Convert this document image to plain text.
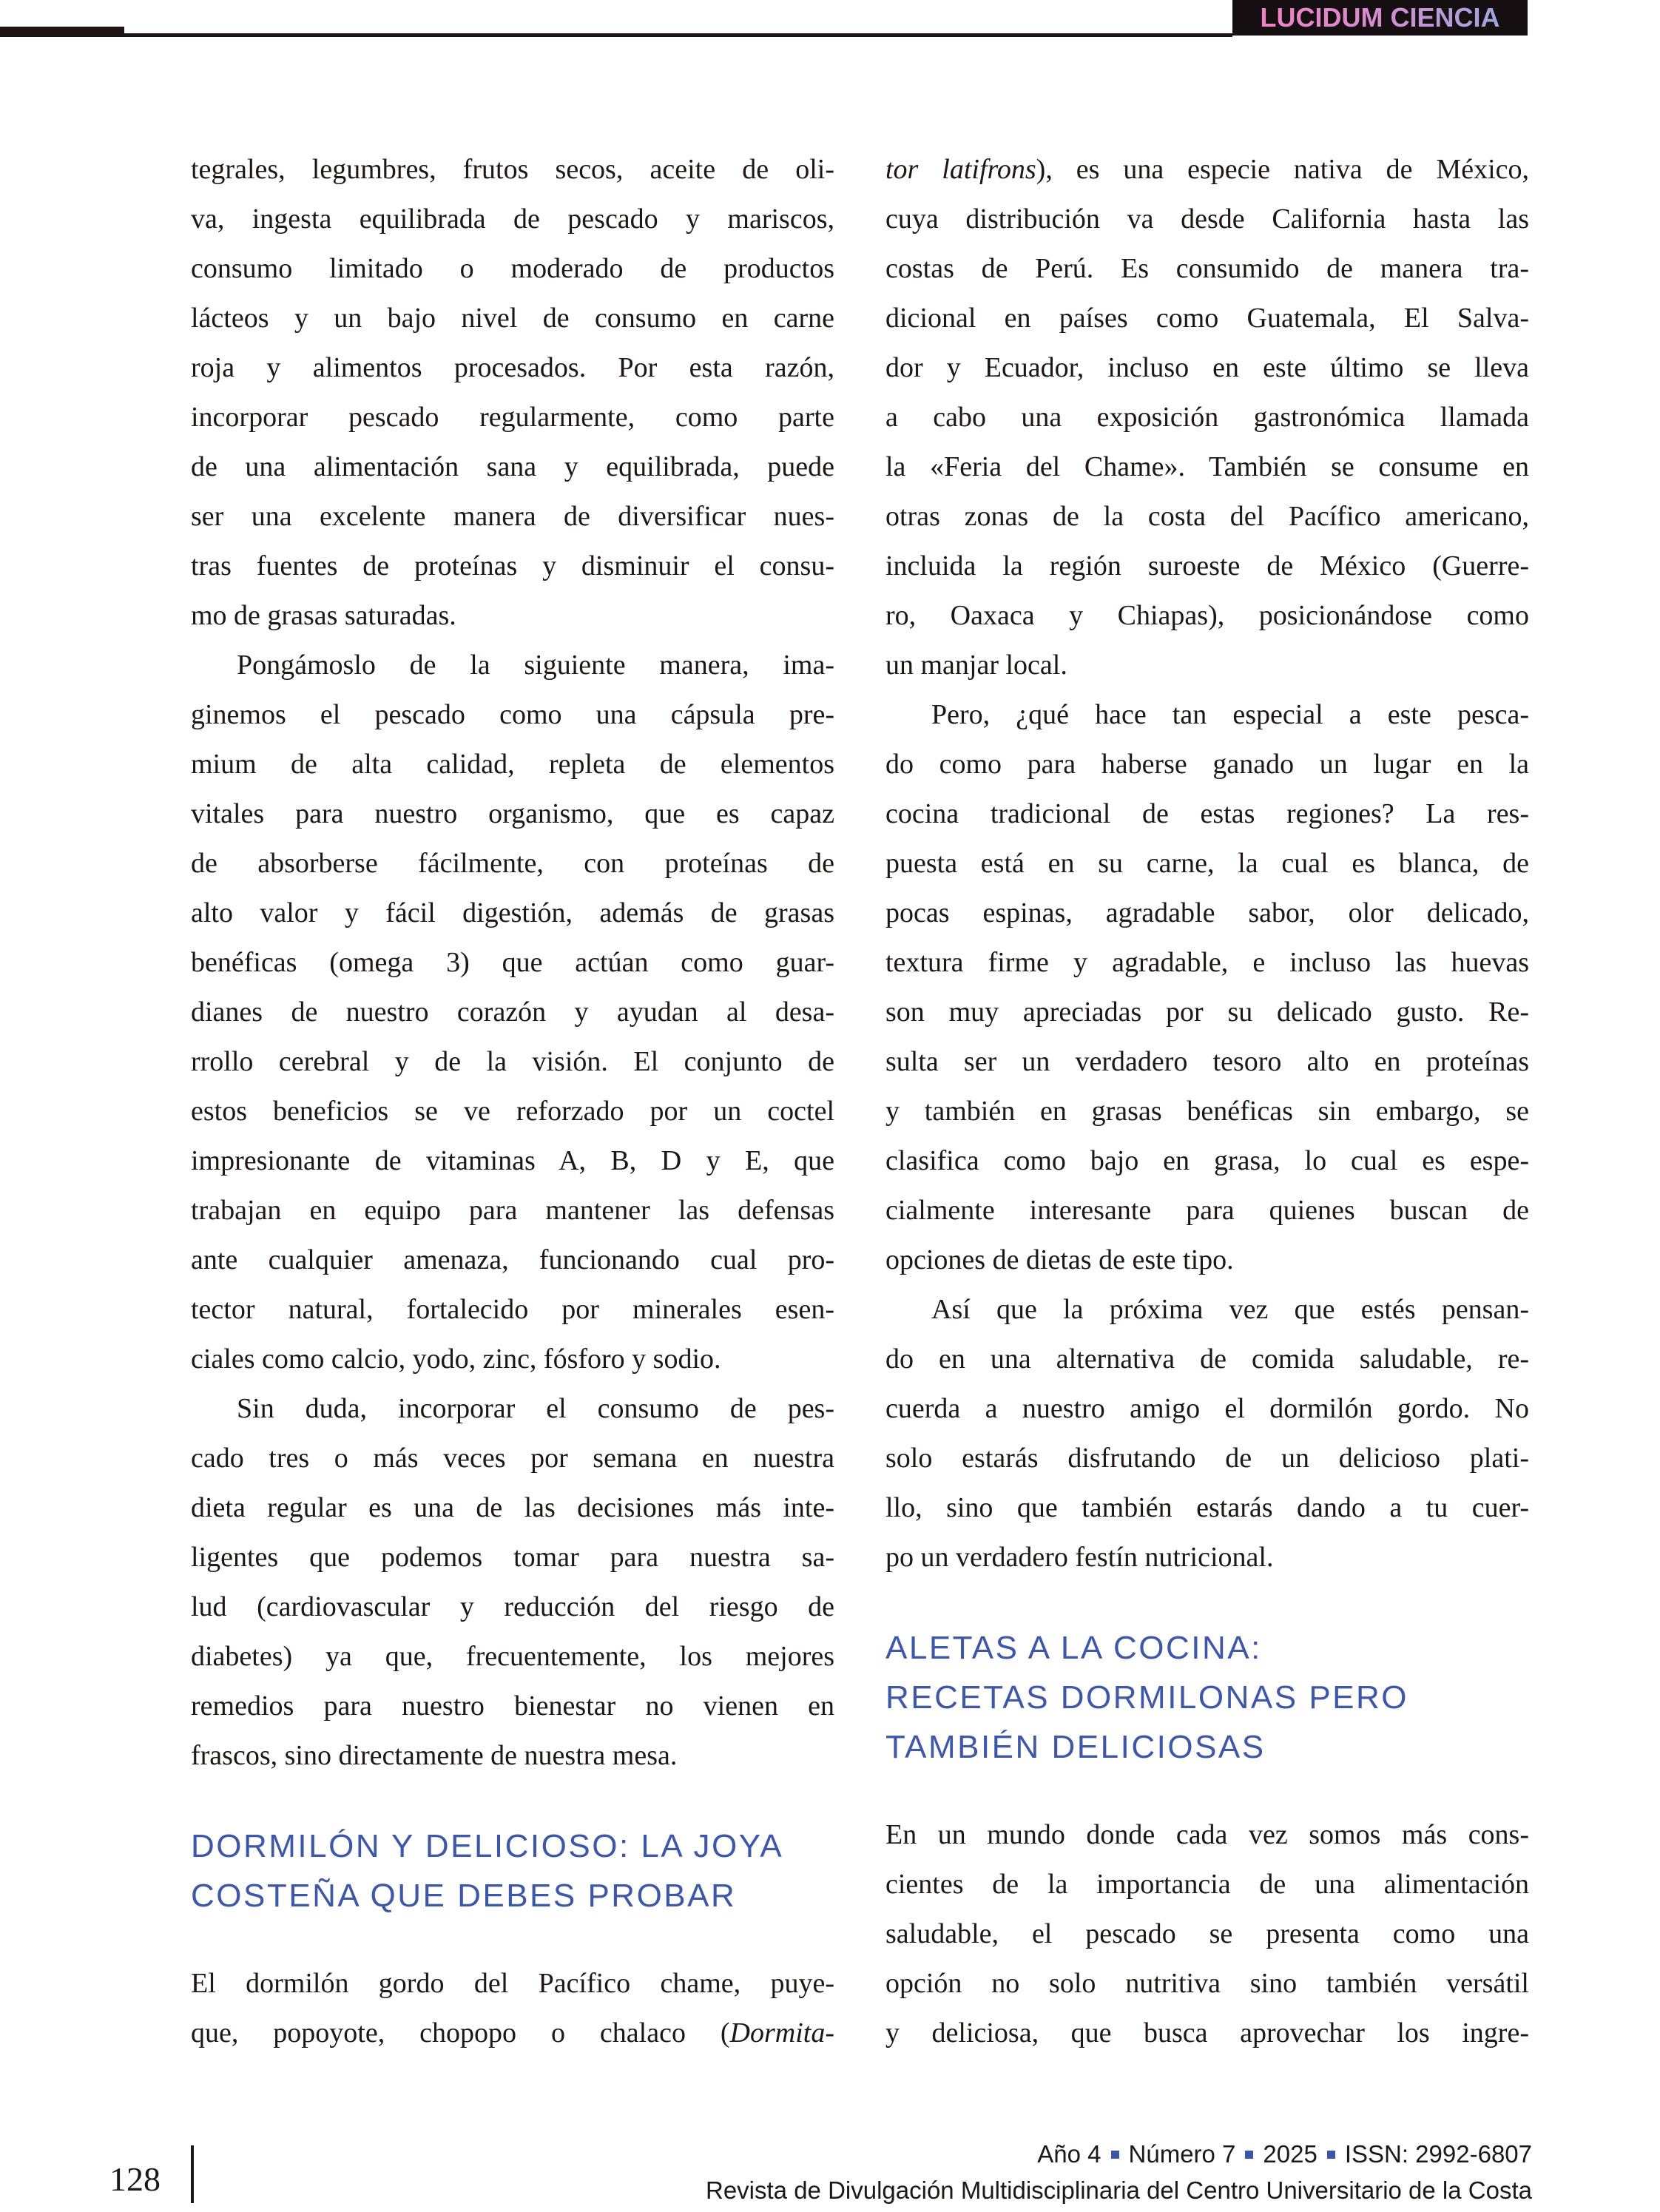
LUCIDUM CIENCIA
tegrales, legumbres, frutos secos, aceite de oli-
va, ingesta equilibrada de pescado y mariscos,
consumo limitado o moderado de productos
lácteos y un bajo nivel de consumo en carne
roja y alimentos procesados. Por esta razón,
incorporar pescado regularmente, como parte
de una alimentación sana y equilibrada, puede
ser una excelente manera de diversificar nues-
tras fuentes de proteínas y disminuir el consu-
mo de grasas saturadas.
Pongámoslo de la siguiente manera, ima-
ginemos el pescado como una cápsula pre-
mium de alta calidad, repleta de elementos
vitales para nuestro organismo, que es capaz
de absorberse fácilmente, con proteínas de
alto valor y fácil digestión, además de grasas
benéficas (omega 3) que actúan como guar-
dianes de nuestro corazón y ayudan al desa-
rrollo cerebral y de la visión. El conjunto de
estos beneficios se ve reforzado por un coctel
impresionante de vitaminas A, B, D y E, que
trabajan en equipo para mantener las defensas
ante cualquier amenaza, funcionando cual pro-
tector natural, fortalecido por minerales esen-
ciales como calcio, yodo, zinc, fósforo y sodio.
Sin duda, incorporar el consumo de pes-
cado tres o más veces por semana en nuestra
dieta regular es una de las decisiones más inte-
ligentes que podemos tomar para nuestra sa-
lud (cardiovascular y reducción del riesgo de
diabetes) ya que, frecuentemente, los mejores
remedios para nuestro bienestar no vienen en
frascos, sino directamente de nuestra mesa.
DORMILÓN Y DELICIOSO: LA JOYA
COSTEÑA QUE DEBES PROBAR
El dormilón gordo del Pacífico chame, puye-
que, popoyote, chopopo o chalaco (Dormita-
tor latifrons), es una especie nativa de México,
cuya distribución va desde California hasta las
costas de Perú. Es consumido de manera tra-
dicional en países como Guatemala, El Salva-
dor y Ecuador, incluso en este último se lleva
a cabo una exposición gastronómica llamada
la «Feria del Chame». También se consume en
otras zonas de la costa del Pacífico americano,
incluida la región suroeste de México (Guerre-
ro, Oaxaca y Chiapas), posicionándose como
un manjar local.
Pero, ¿qué hace tan especial a este pesca-
do como para haberse ganado un lugar en la
cocina tradicional de estas regiones? La res-
puesta está en su carne, la cual es blanca, de
pocas espinas, agradable sabor, olor delicado,
textura firme y agradable, e incluso las huevas
son muy apreciadas por su delicado gusto. Re-
sulta ser un verdadero tesoro alto en proteínas
y también en grasas benéficas sin embargo, se
clasifica como bajo en grasa, lo cual es espe-
cialmente interesante para quienes buscan de
opciones de dietas de este tipo.
Así que la próxima vez que estés pensan-
do en una alternativa de comida saludable, re-
cuerda a nuestro amigo el dormilón gordo. No
solo estarás disfrutando de un delicioso plati-
llo, sino que también estarás dando a tu cuer-
po un verdadero festín nutricional.
ALETAS A LA COCINA:
RECETAS DORMILONAS PERO
TAMBIÉN DELICIOSAS
En un mundo donde cada vez somos más cons-
cientes de la importancia de una alimentación
saludable, el pescado se presenta como una
opción no solo nutritiva sino también versátil
y deliciosa, que busca aprovechar los ingre-
128
Año 4 Número 7 2025 ISSN: 2992-6807
Revista de Divulgación Multidisciplinaria del Centro Universitario de la Costa
